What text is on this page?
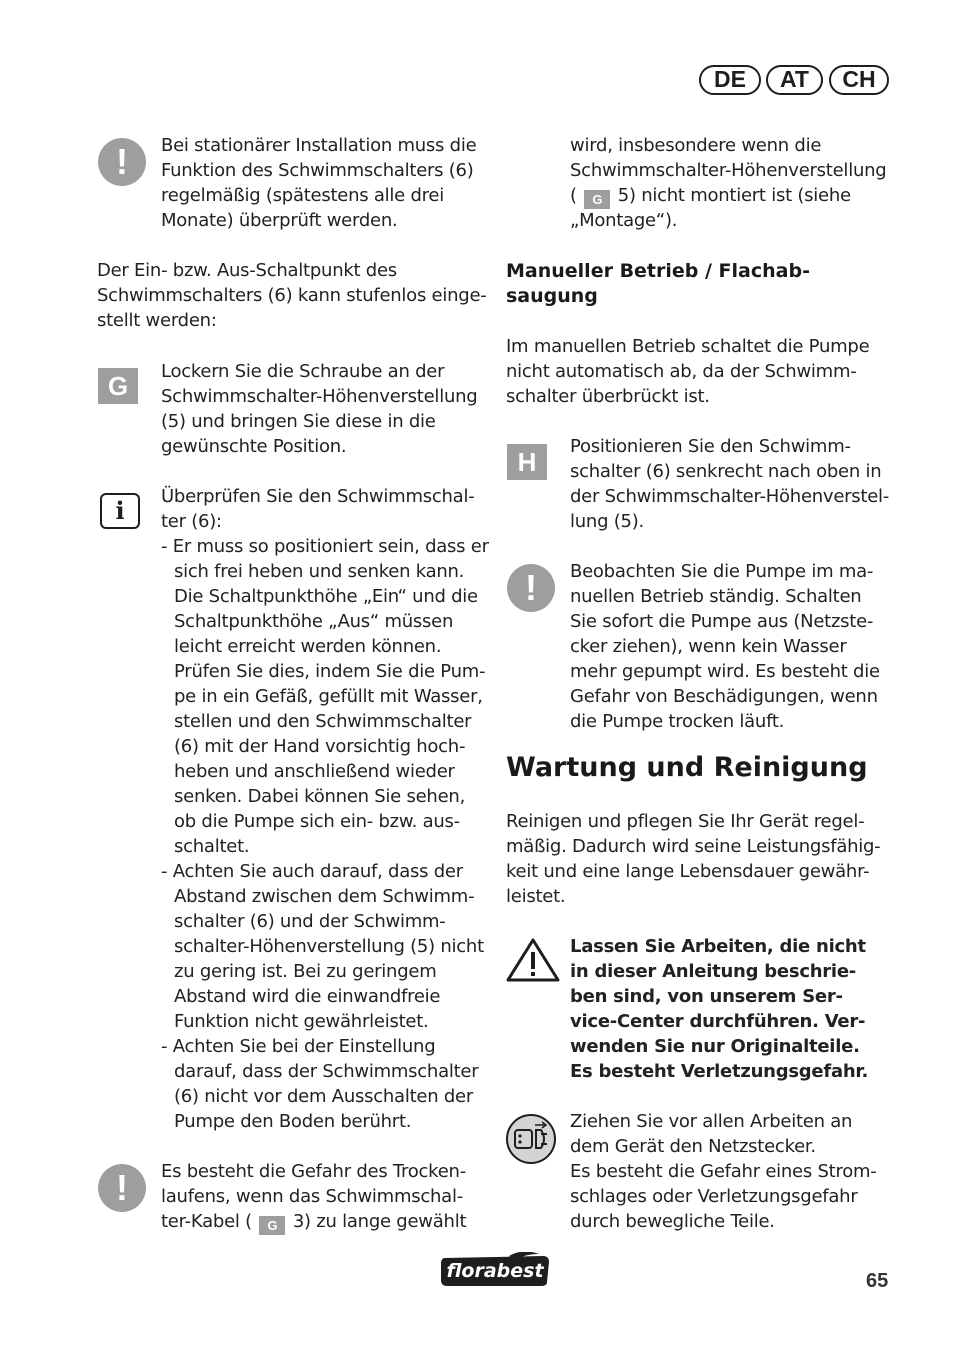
DE	AT	CH
!	Bei stationärer Installation muss die
Funktion des Schwimmschalters (6)
regelmäßig (spätestens alle drei
Monate) überprüft werden.
Der Ein- bzw. Aus-Schaltpunkt des
Schwimmschalters (6) kann stufenlos einge-
stellt werden:
G	Lockern Sie die Schraube an der
Schwimmschalter-Höhenverstellung
(5) und bringen Sie diese in die
gewünschte Position.
i	Überprüfen Sie den Schwimmschal-
ter (6):
- Er muss so positioniert sein, dass er
sich frei heben und senken kann.
Die Schaltpunkthöhe „Ein“ und die
Schaltpunkthöhe „Aus“ müssen
leicht erreicht werden können.
Prüfen Sie dies, indem Sie die Pum-
pe in ein Gefäß, gefüllt mit Wasser,
stellen und den Schwimmschalter
(6) mit der Hand vorsichtig hoch-
heben und anschließend wieder
senken. Dabei können Sie sehen,
ob die Pumpe sich ein- bzw. aus-
schaltet.
- Achten Sie auch darauf, dass der
Abstand zwischen dem Schwimm-
schalter (6) und der Schwimm-
schalter-Höhenverstellung (5) nicht
zu gering ist. Bei zu geringem
Abstand wird die einwandfreie
Funktion nicht gewährleistet.
- Achten Sie bei der Einstellung
darauf, dass der Schwimmschalter
(6) nicht vor dem Ausschalten der
Pumpe den Boden berührt.
!	Es besteht die Gefahr des Trocken-
laufens, wenn das Schwimmschal-
ter-Kabel ( G 3) zu lange gewählt
wird, insbesondere wenn die
Schwimmschalter-Höhenverstellung
( G 5) nicht montiert ist (siehe
„Montage“).
Manueller Betrieb / Flachab-
saugung
Im manuellen Betrieb schaltet die Pumpe
nicht automatisch ab, da der Schwimm-
schalter überbrückt ist.
H
Positionieren Sie den Schwimm-
schalter (6) senkrecht nach oben in
der Schwimmschalter-Höhenverstel-
lung (5).
!	Beobachten Sie die Pumpe im ma-
nuellen Betrieb ständig. Schalten
Sie sofort die Pumpe aus (Netzste-
cker ziehen), wenn kein Wasser
mehr gepumpt wird. Es besteht die
Gefahr von Beschädigungen, wenn
die Pumpe trocken läuft.
Wartung und Reinigung
Reinigen und pflegen Sie Ihr Gerät regel-
mäßig. Dadurch wird seine Leistungsfähig-
keit und eine lange Lebensdauer gewähr-
leistet.
Lassen Sie Arbeiten, die nicht
in dieser Anleitung beschrie-
ben sind, von unserem Ser-
vice-Center durchführen. Ver-
wenden Sie nur Originalteile.
Es besteht Verletzungsgefahr.
Ziehen Sie vor allen Arbeiten an
dem Gerät den Netzstecker.
Es besteht die Gefahr eines Strom-
schlages oder Verletzungsgefahr
durch bewegliche Teile.
florabest	65
